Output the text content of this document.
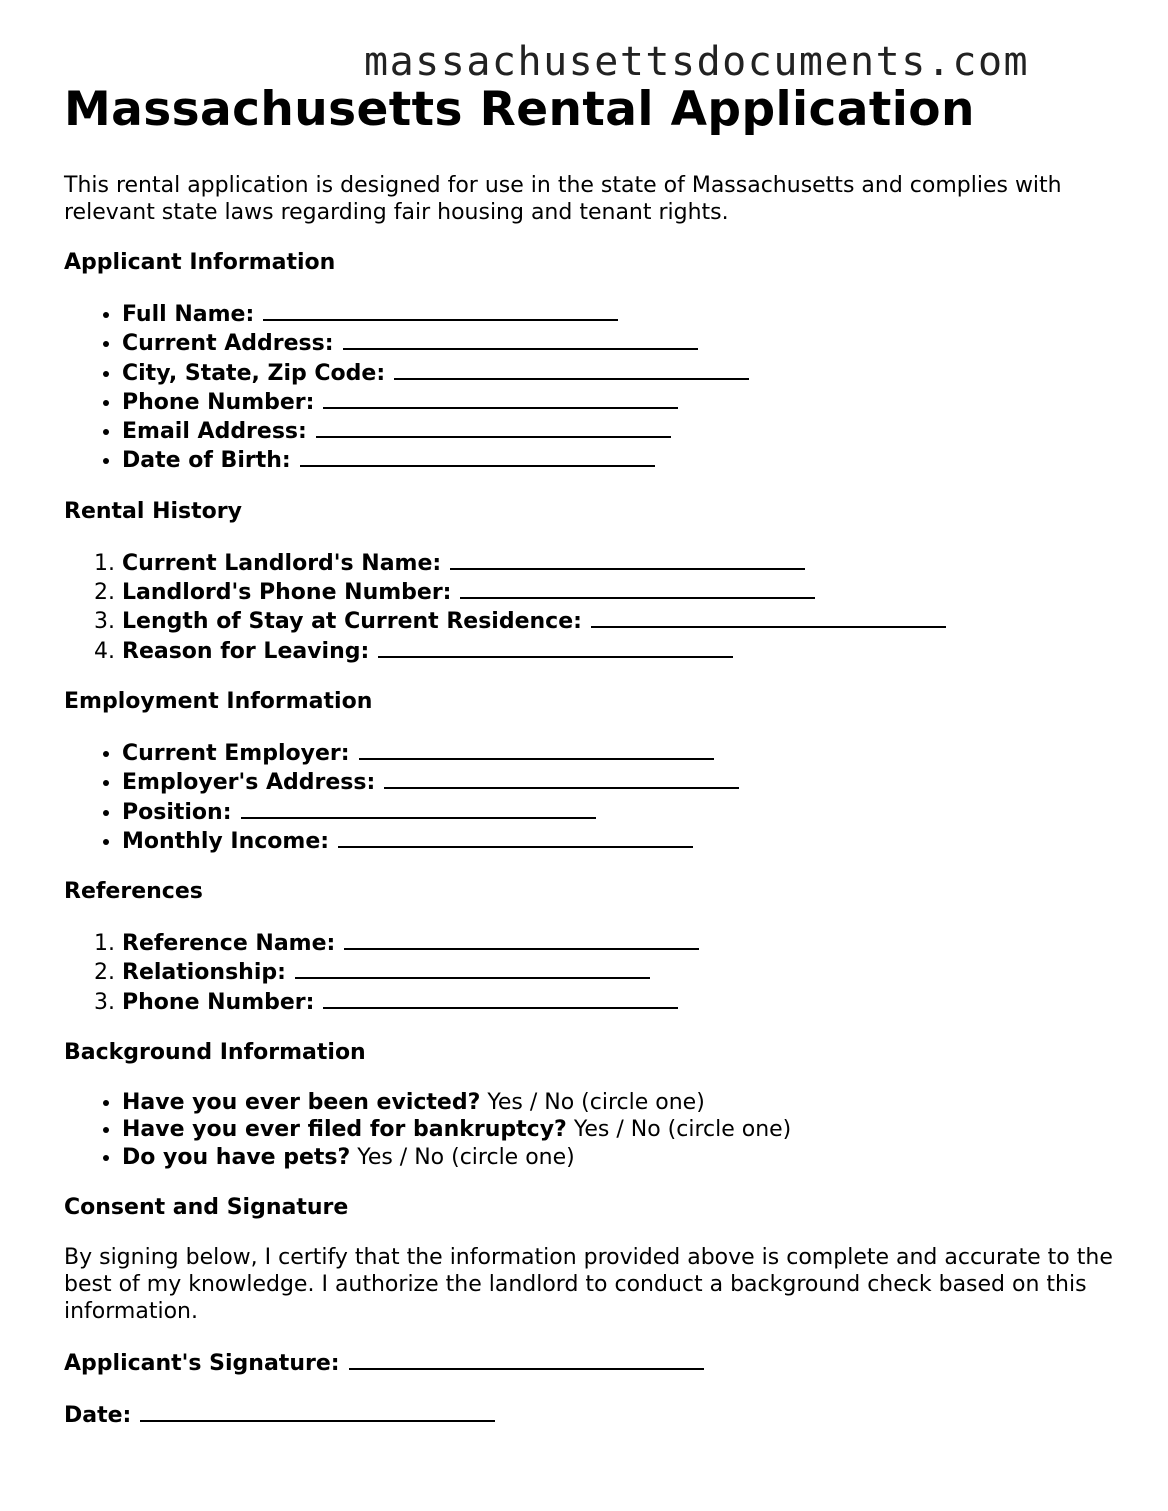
massachusettsdocuments.com
Massachusetts Rental Application

This rental application is designed for use in the state of Massachusetts and complies with relevant state laws regarding fair housing and tenant rights.

Applicant Information
• Full Name:
• Current Address:
• City, State, Zip Code:
• Phone Number:
• Email Address:
• Date of Birth:
Rental History
1. Current Landlord's Name:
2. Landlord's Phone Number:
3. Length of Stay at Current Residence:
4. Reason for Leaving:
Employment Information
• Current Employer:
• Employer's Address:
• Position:
• Monthly Income:
References
1. Reference Name:
2. Relationship:
3. Phone Number:
Background Information
• Have you ever been evicted? Yes / No (circle one)
• Have you ever filed for bankruptcy? Yes / No (circle one)
• Do you have pets? Yes / No (circle one)
Consent and Signature

By signing below, I certify that the information provided above is complete and accurate to the best of my knowledge. I authorize the landlord to conduct a background check based on this information.

Applicant's Signature:
Date:
